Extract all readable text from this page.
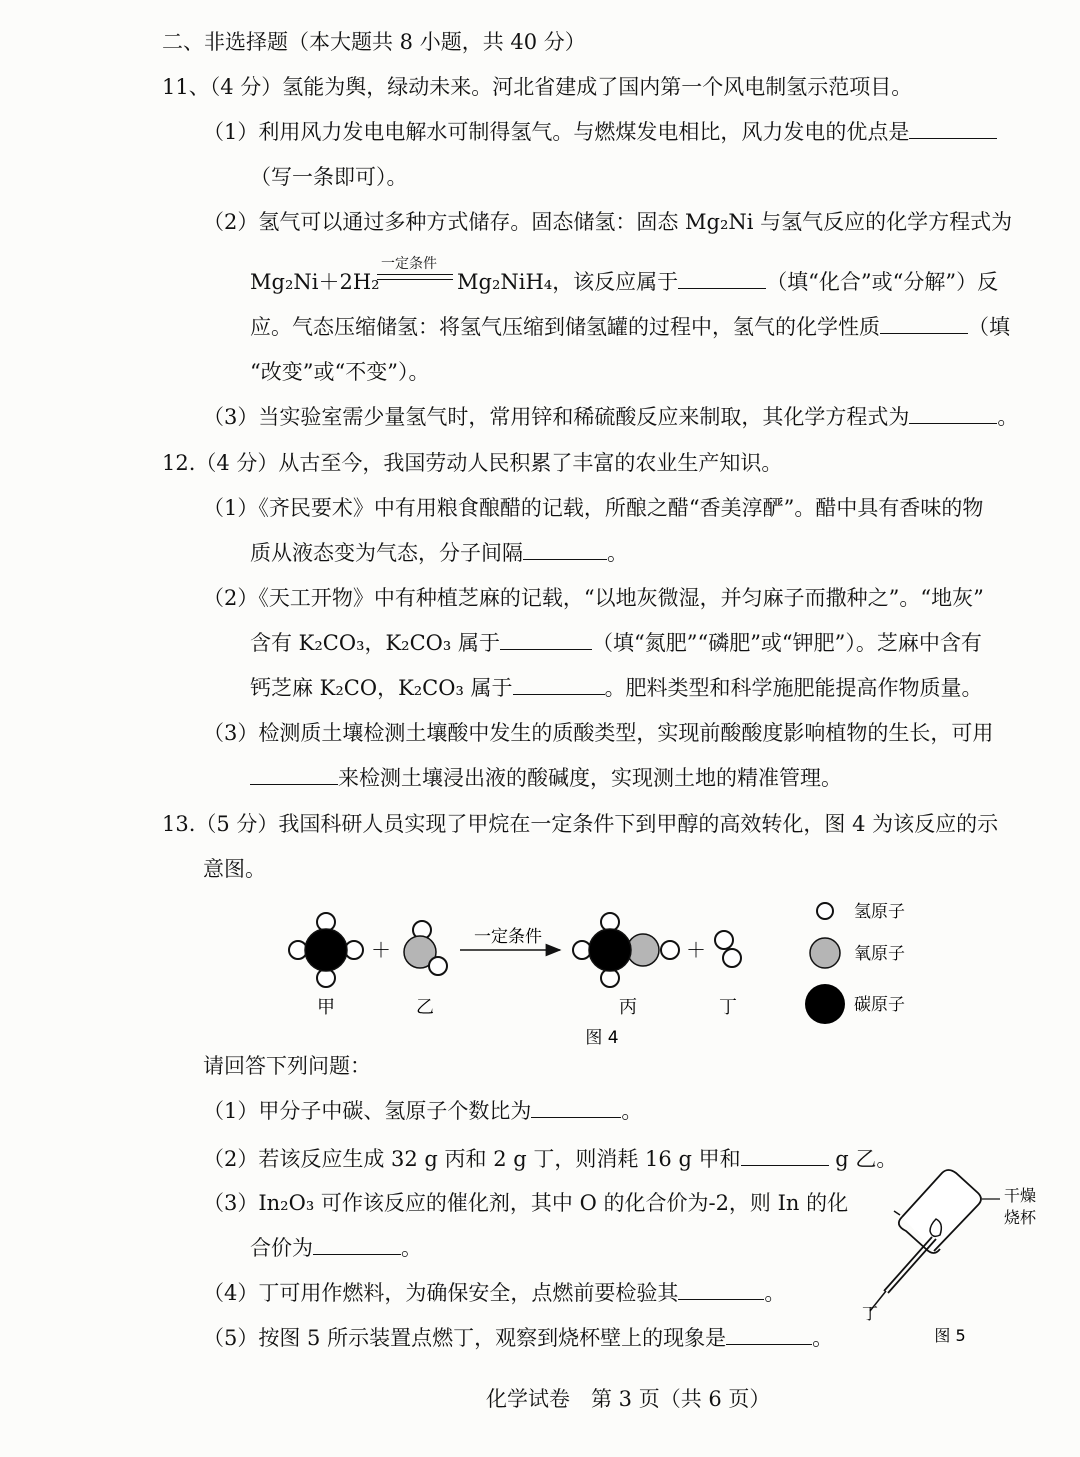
二、非选择题（本大题共 8 小题，共 40 分）
11、（4 分）氢能为舆，绿动未来。河北省建成了国内第一个风电制氢示范项目。
（1）利用风力发电电解水可制得氢气。与燃煤发电相比，风力发电的优点是
（写一条即可）。
（2）氢气可以通过多种方式储存。固态储氢：固态 Mg₂Ni 与氢气反应的化学方程式为
Mg₂Ni＋2H₂
一定条件
Mg₂NiH₄，该反应属于	（填“化合”或“分解”）反
应。气态压缩储氢：将氢气压缩到储氢罐的过程中，氢气的化学性质	（填
“改变”或“不变”）。
（3）当实验室需少量氢气时，常用锌和稀硫酸反应来制取，其化学方程式为	。
12.（4 分）从古至今，我国劳动人民积累了丰富的农业生产知识。
（1）《齐民要术》中有用粮食酿醋的记载，所酿之醋“香美淳酽”。醋中具有香味的物
质从液态变为气态，分子间隔	。
（2）《天工开物》中有种植芝麻的记载，“以地灰微湿，并匀麻子而撒种之”。“地灰”
含有 K₂CO₃，K₂CO₃ 属于	（填“氮肥”“磷肥”或“钾肥”）。芝麻中含有
钙芝麻 K₂CO，K₂CO₃ 属于	。肥料类型和科学施肥能提高作物质量。
（3）检测质土壤检测土壤酸中发生的质酸类型，实现前酸酸度影响植物的生长，可用
来检测土壤浸出液的酸碱度，实现测土地的精准管理。
13.（5 分）我国科研人员实现了甲烷在一定条件下到甲醇的高效转化，图 4 为该反应的示
意图。
＋
一定条件
＋
甲	乙	丙	丁
图 4
氢原子
氧原子
碳原子
请回答下列问题：
（1）甲分子中碳、氢原子个数比为	。
（2）若该反应生成 32 g 丙和 2 g 丁，则消耗 16 g 甲和	g 乙。
（3）In₂O₃ 可作该反应的催化剂，其中 O 的化合价为-2，则 In 的化
合价为	。
（4）丁可用作燃料，为确保安全，点燃前要检验其	。
（5）按图 5 所示装置点燃丁，观察到烧杯壁上的现象是	。
干燥
烧杯
丁
图 5
化学试卷　第 3 页（共 6 页）
